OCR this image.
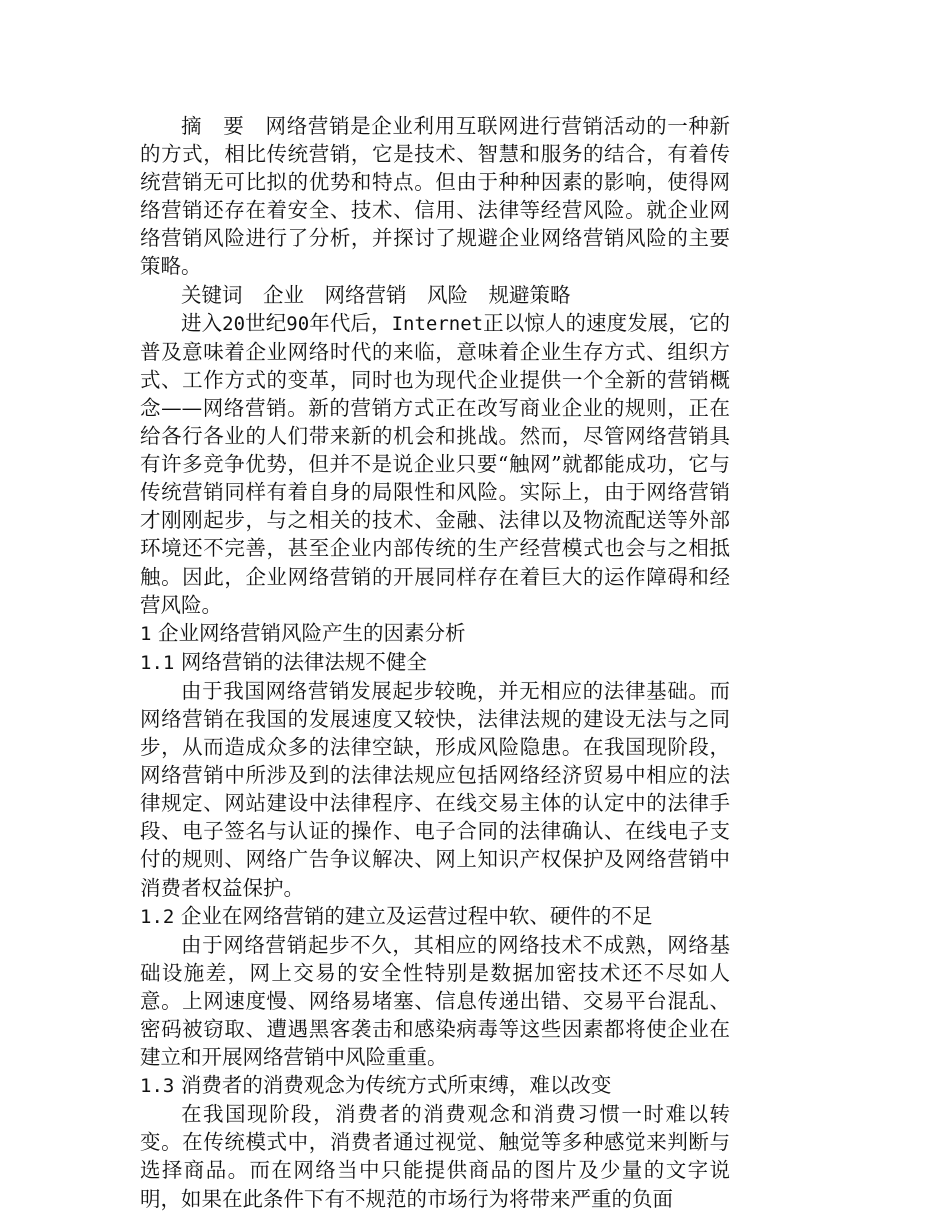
摘　要 网络营销是企业利用互联网进行营销活动的一种新的方式，相比传统营销，它是技术、智慧和服务的结合，有着传统营销无可比拟的优势和特点。但由于种种因素的影响，使得网络营销还存在着安全、技术、信用、法律等经营风险。就企业网络营销风险进行了分析，并探讨了规避企业网络营销风险的主要策略。

关键词 企业 网络营销 风险 规避策略

进入20世纪90年代后，Internet正以惊人的速度发展，它的普及意味着企业网络时代的来临，意味着企业生存方式、组织方式、工作方式的变革，同时也为现代企业提供一个全新的营销概念——网络营销。新的营销方式正在改写商业企业的规则，正在给各行各业的人们带来新的机会和挑战。然而，尽管网络营销具有许多竞争优势，但并不是说企业只要“触网”就都能成功，它与传统营销同样有着自身的局限性和风险。实际上，由于网络营销才刚刚起步，与之相关的技术、金融、法律以及物流配送等外部环境还不完善，甚至企业内部传统的生产经营模式也会与之相抵触。因此，企业网络营销的开展同样存在着巨大的运作障碍和经营风险。

1 企业网络营销风险产生的因素分析

1.1 网络营销的法律法规不健全

由于我国网络营销发展起步较晚，并无相应的法律基础。而网络营销在我国的发展速度又较快，法律法规的建设无法与之同步，从而造成众多的法律空缺，形成风险隐患。在我国现阶段，网络营销中所涉及到的法律法规应包括网络经济贸易中相应的法律规定、网站建设中法律程序、在线交易主体的认定中的法律手段、电子签名与认证的操作、电子合同的法律确认、在线电子支付的规则、网络广告争议解决、网上知识产权保护及网络营销中消费者权益保护。

1.2 企业在网络营销的建立及运营过程中软、硬件的不足

由于网络营销起步不久，其相应的网络技术不成熟，网络基础设施差，网上交易的安全性特别是数据加密技术还不尽如人意。上网速度慢、网络易堵塞、信息传递出错、交易平台混乱、密码被窃取、遭遇黑客袭击和感染病毒等这些因素都将使企业在建立和开展网络营销中风险重重。

1.3 消费者的消费观念为传统方式所束缚，难以改变

在我国现阶段，消费者的消费观念和消费习惯一时难以转变。在传统模式中，消费者通过视觉、触觉等多种感觉来判断与选择商品。而在网络当中只能提供商品的图片及少量的文字说明，如果在此条件下有不规范的市场行为将带来严重的负面
